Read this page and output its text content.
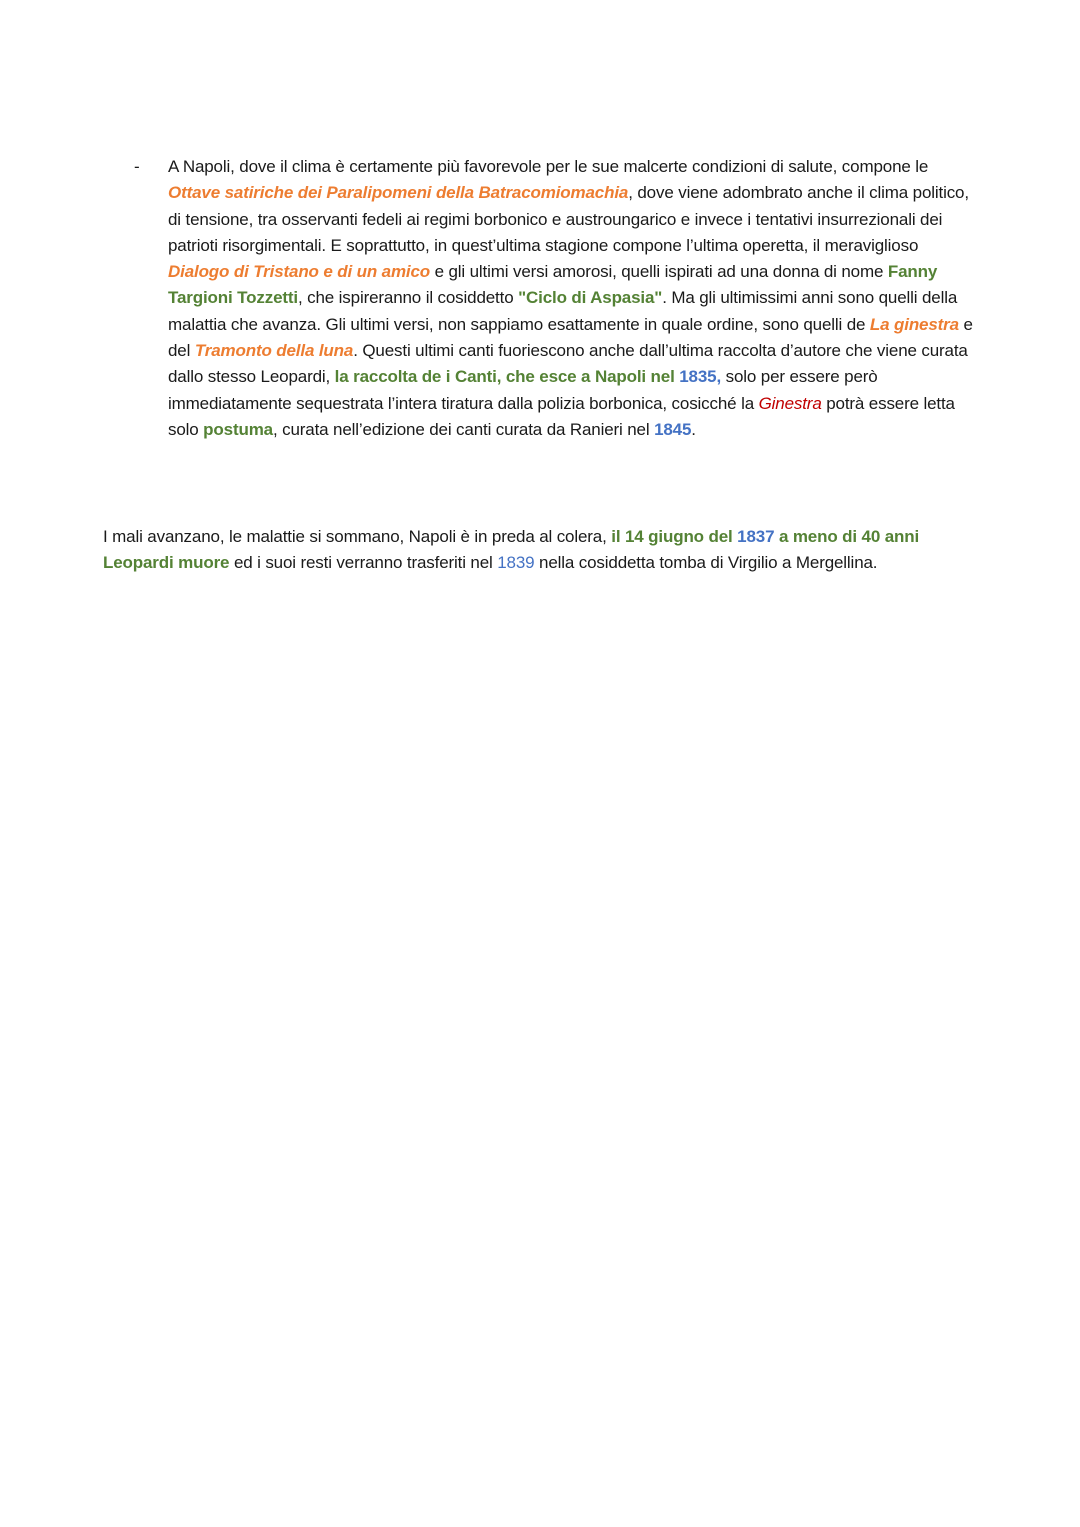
- A Napoli, dove il clima è certamente più favorevole per le sue malcerte condizioni di salute, compone le Ottave satiriche dei Paralipomeni della Batracomiomachia, dove viene adombrato anche il clima politico, di tensione, tra osservanti fedeli ai regimi borbonico e austroungarico e invece i tentativi insurrezionali dei patrioti risorgimentali. E soprattutto, in quest’ultima stagione compone l’ultima operetta, il meraviglioso Dialogo di Tristano e di un amico e gli ultimi versi amorosi, quelli ispirati ad una donna di nome Fanny Targioni Tozzetti, che ispireranno il cosiddetto "Ciclo di Aspasia". Ma gli ultimissimi anni sono quelli della malattia che avanza. Gli ultimi versi, non sappiamo esattamente in quale ordine, sono quelli de La ginestra e del Tramonto della luna. Questi ultimi canti fuoriescono anche dall’ultima raccolta d’autore che viene curata dallo stesso Leopardi, la raccolta de i Canti, che esce a Napoli nel 1835, solo per essere però immediatamente sequestrata l’intera tiratura dalla polizia borbonica, cosicché la Ginestra potrà essere letta solo postuma, curata nell’edizione dei canti curata da Ranieri nel 1845.
I mali avanzano, le malattie si sommano, Napoli è in preda al colera, il 14 giugno del 1837 a meno di 40 anni Leopardi muore ed i suoi resti verranno trasferiti nel 1839 nella cosiddetta tomba di Virgilio a Mergellina.
